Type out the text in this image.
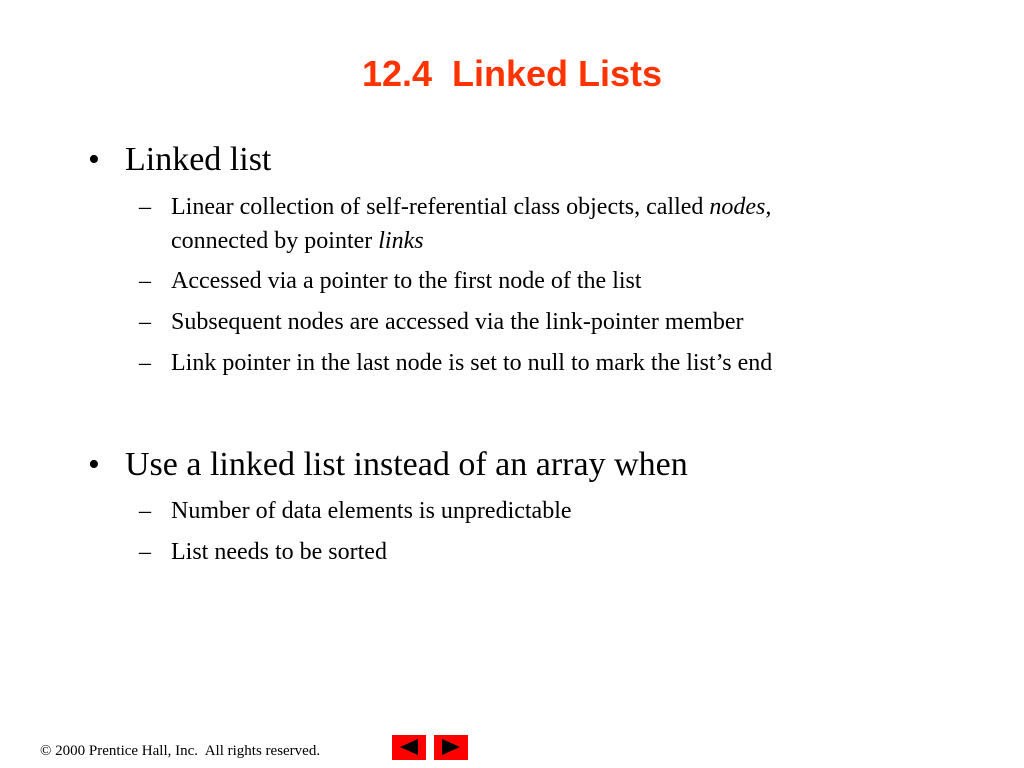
12.4  Linked Lists
• Linked list
– Linear collection of self-referential class objects, called nodes,
connected by pointer links
– Accessed via a pointer to the first node of the list
– Subsequent nodes are accessed via the link-pointer member
– Link pointer in the last node is set to null to mark the list’s end
• Use a linked list instead of an array when
– Number of data elements is unpredictable
– List needs to be sorted
© 2000 Prentice Hall, Inc.  All rights reserved.
